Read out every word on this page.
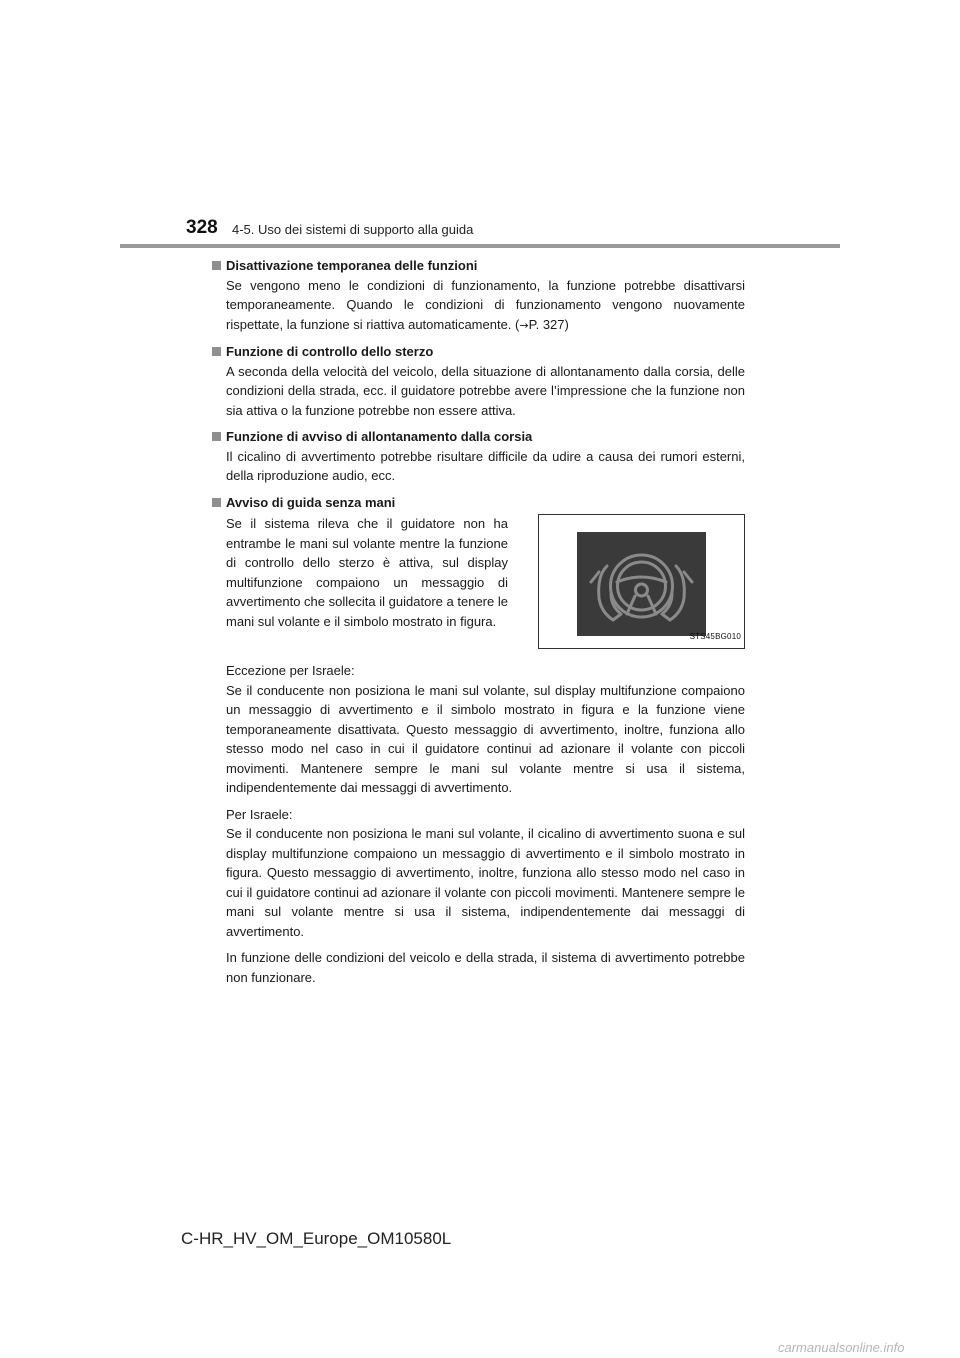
328 4-5. Uso dei sistemi di supporto alla guida
Disattivazione temporanea delle funzioni
Se vengono meno le condizioni di funzionamento, la funzione potrebbe disattivarsi temporaneamente. Quando le condizioni di funzionamento vengono nuovamente rispettate, la funzione si riattiva automaticamente. (→P. 327)
Funzione di controllo dello sterzo
A seconda della velocità del veicolo, della situazione di allontanamento dalla corsia, delle condizioni della strada, ecc. il guidatore potrebbe avere l’impressione che la funzione non sia attiva o la funzione potrebbe non essere attiva.
Funzione di avviso di allontanamento dalla corsia
Il cicalino di avvertimento potrebbe risultare difficile da udire a causa dei rumori esterni, della riproduzione audio, ecc.
Avviso di guida senza mani
Se il sistema rileva che il guidatore non ha entrambe le mani sul volante mentre la funzione di controllo dello sterzo è attiva, sul display multifunzione compaiono un messaggio di avvertimento che sollecita il guidatore a tenere le mani sul volante e il simbolo mostrato in figura.
STS45BG010
Eccezione per Israele:
Se il conducente non posiziona le mani sul volante, sul display multifunzione compaiono un messaggio di avvertimento e il simbolo mostrato in figura e la funzione viene temporaneamente disattivata. Questo messaggio di avvertimento, inoltre, funziona allo stesso modo nel caso in cui il guidatore continui ad azionare il volante con piccoli movimenti. Mantenere sempre le mani sul volante mentre si usa il sistema, indipendentemente dai messaggi di avvertimento.
Per Israele:
Se il conducente non posiziona le mani sul volante, il cicalino di avvertimento suona e sul display multifunzione compaiono un messaggio di avvertimento e il simbolo mostrato in figura. Questo messaggio di avvertimento, inoltre, funziona allo stesso modo nel caso in cui il guidatore continui ad azionare il volante con piccoli movimenti. Mantenere sempre le mani sul volante mentre si usa il sistema, indipendentemente dai messaggi di avvertimento.
In funzione delle condizioni del veicolo e della strada, il sistema di avvertimento potrebbe non funzionare.
C-HR_HV_OM_Europe_OM10580L
carmanualsonline.info
